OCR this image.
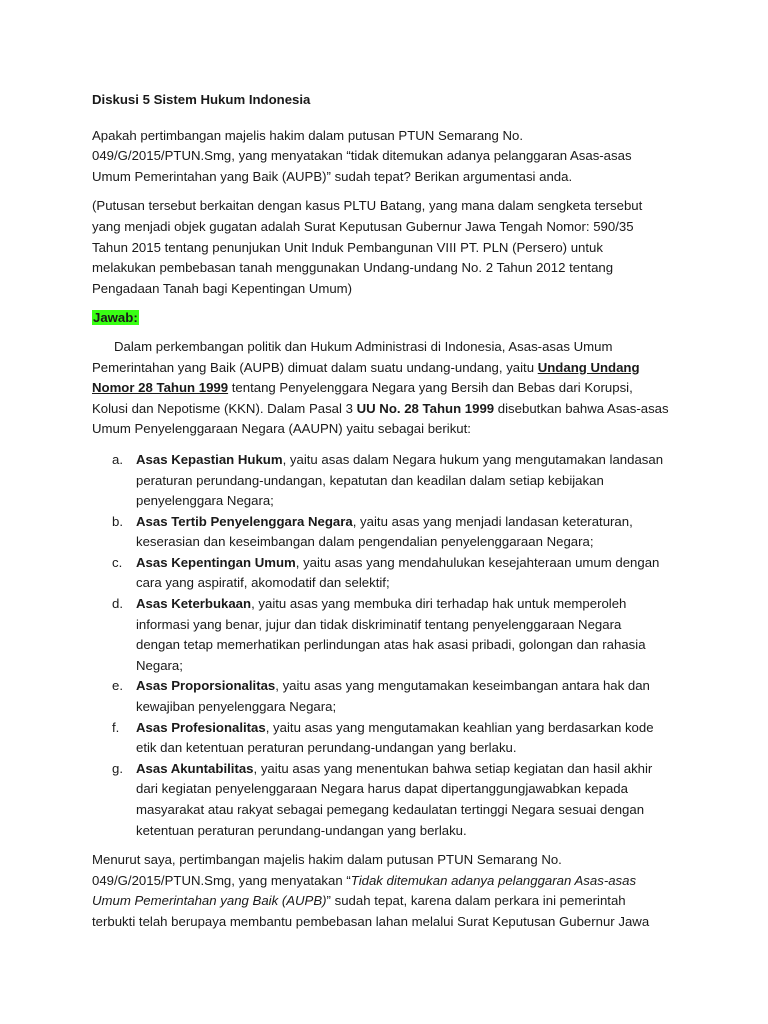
Diskusi 5 Sistem Hukum Indonesia
Apakah pertimbangan majelis hakim dalam putusan PTUN Semarang No.
049/G/2015/PTUN.Smg, yang menyatakan “tidak ditemukan adanya pelanggaran Asas-asas
Umum Pemerintahan yang Baik (AUPB)” sudah tepat? Berikan argumentasi anda.
(Putusan tersebut berkaitan dengan kasus PLTU Batang, yang mana dalam sengketa tersebut
yang menjadi objek gugatan adalah Surat Keputusan Gubernur Jawa Tengah Nomor: 590/35
Tahun 2015 tentang penunjukan Unit Induk Pembangunan VIII PT. PLN (Persero) untuk
melakukan pembebasan tanah menggunakan Undang-undang No. 2 Tahun 2012 tentang
Pengadaan Tanah bagi Kepentingan Umum)
Jawab:
Dalam perkembangan politik dan Hukum Administrasi di Indonesia, Asas-asas Umum
Pemerintahan yang Baik (AUPB) dimuat dalam suatu undang-undang, yaitu Undang Undang
Nomor 28 Tahun 1999 tentang Penyelenggara Negara yang Bersih dan Bebas dari Korupsi,
Kolusi dan Nepotisme (KKN). Dalam Pasal 3 UU No. 28 Tahun 1999 disebutkan bahwa Asas-asas
Umum Penyelenggaraan Negara (AAUPN) yaitu sebagai berikut:
a. Asas Kepastian Hukum, yaitu asas dalam Negara hukum yang mengutamakan landasan
peraturan perundang-undangan, kepatutan dan keadilan dalam setiap kebijakan
penyelenggara Negara;
b. Asas Tertib Penyelenggara Negara, yaitu asas yang menjadi landasan keteraturan,
keserasian dan keseimbangan dalam pengendalian penyelenggaraan Negara;
c.	Asas Kepentingan Umum, yaitu asas yang mendahulukan kesejahteraan umum dengan
cara yang aspiratif, akomodatif dan selektif;
d. Asas Keterbukaan, yaitu asas yang membuka diri terhadap hak untuk memperoleh
informasi yang benar, jujur dan tidak diskriminatif tentang penyelenggaraan Negara
dengan tetap memerhatikan perlindungan atas hak asasi pribadi, golongan dan rahasia
Negara;
e. Asas Proporsionalitas, yaitu asas yang mengutamakan keseimbangan antara hak dan
kewajiban penyelenggara Negara;
f.	Asas Profesionalitas, yaitu asas yang mengutamakan keahlian yang berdasarkan kode
etik dan ketentuan peraturan perundang-undangan yang berlaku.
g. Asas Akuntabilitas, yaitu asas yang menentukan bahwa setiap kegiatan dan hasil akhir
dari kegiatan penyelenggaraan Negara harus dapat dipertanggungjawabkan kepada
masyarakat atau rakyat sebagai pemegang kedaulatan tertinggi Negara sesuai dengan
ketentuan peraturan perundang-undangan yang berlaku.
Menurut saya, pertimbangan majelis hakim dalam putusan PTUN Semarang No.
049/G/2015/PTUN.Smg, yang menyatakan “Tidak ditemukan adanya pelanggaran Asas-asas
Umum Pemerintahan yang Baik (AUPB)” sudah tepat, karena dalam perkara ini pemerintah
terbukti telah berupaya membantu pembebasan lahan melalui Surat Keputusan Gubernur Jawa
